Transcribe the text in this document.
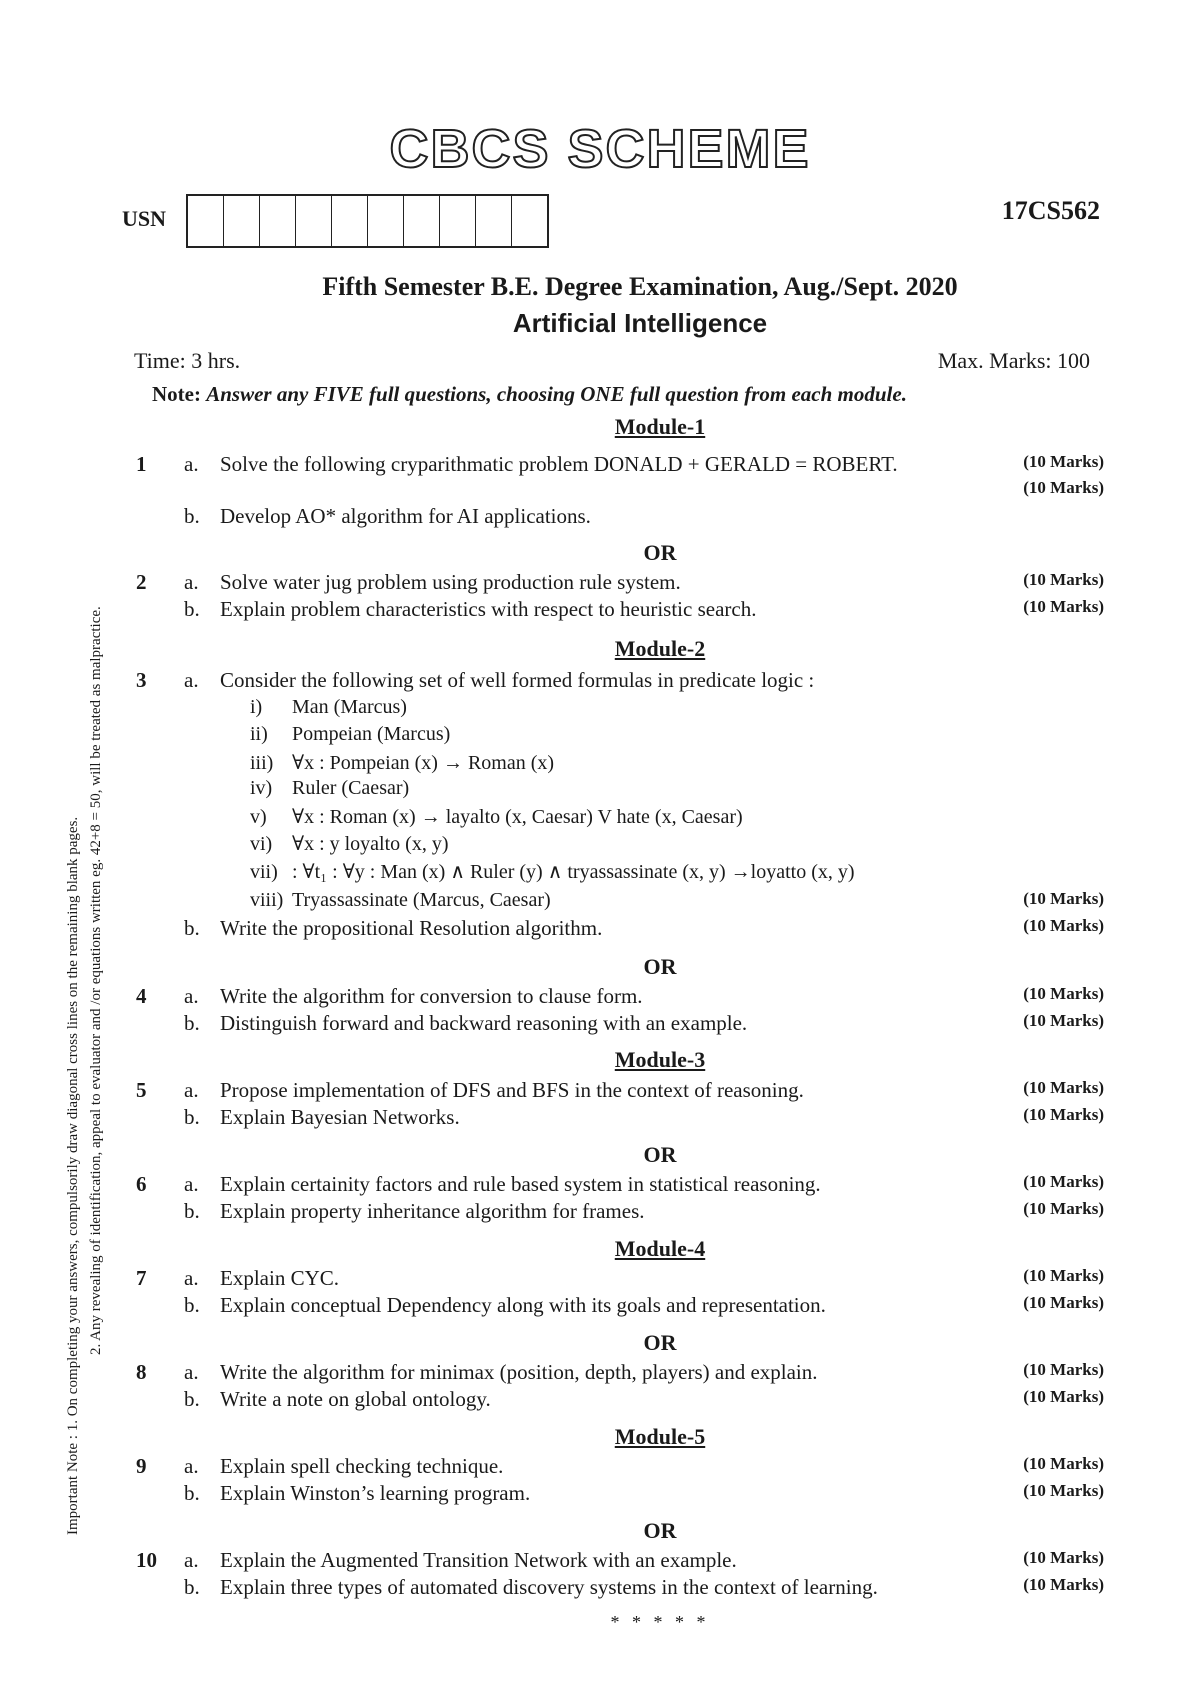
CBCS SCHEME
USN	17CS562
Fifth Semester B.E. Degree Examination, Aug./Sept. 2020
Artificial Intelligence
Time: 3 hrs.	Max. Marks: 100
Note: Answer any FIVE full questions, choosing ONE full question from each module.
Important Note : 1. On completing your answers, compulsorily draw diagonal cross lines on the remaining blank pages. 2. Any revealing of identification, appeal to evaluator and /or equations written eg. 42+8 = 50, will be treated as malpractice.
Module-1
1	a. Solve the following cryparithmatic problem DONALD + GERALD = ROBERT.	(10 Marks)
(10 Marks)
b. Develop AO* algorithm for AI applications.
OR
2	a. Solve water jug problem using production rule system.	(10 Marks)
b. Explain problem characteristics with respect to heuristic search.	(10 Marks)
Module-2
3	a. Consider the following set of well formed formulas in predicate logic :
i) Man (Marcus)
ii) Pompeian (Marcus)
iii) ∀x : Pompeian (x) → Roman (x)
iv) Ruler (Caesar)
v) ∀x : Roman (x) → layalto (x, Caesar) V hate (x, Caesar)
vi) ∀x : y loyalto (x, y)
vii) : ∀t₁ : ∀y : Man (x) ∧ Ruler (y) ∧ tryassassinate (x, y) →loyatto (x, y)
viii) Tryassassinate (Marcus, Caesar)	(10 Marks)
b. Write the propositional Resolution algorithm.	(10 Marks)
OR
4	a. Write the algorithm for conversion to clause form.	(10 Marks)
b. Distinguish forward and backward reasoning with an example.	(10 Marks)
Module-3
5	a. Propose implementation of DFS and BFS in the context of reasoning.	(10 Marks)
b. Explain Bayesian Networks.	(10 Marks)
OR
6	a. Explain certainity factors and rule based system in statistical reasoning.	(10 Marks)
b. Explain property inheritance algorithm for frames.	(10 Marks)
Module-4
7	a. Explain CYC.	(10 Marks)
b. Explain conceptual Dependency along with its goals and representation.	(10 Marks)
OR
8	a. Write the algorithm for minimax (position, depth, players) and explain.	(10 Marks)
b. Write a note on global ontology.	(10 Marks)
Module-5
9	a. Explain spell checking technique.	(10 Marks)
b. Explain Winston’s learning program.	(10 Marks)
OR
10	a. Explain the Augmented Transition Network with an example.	(10 Marks)
b. Explain three types of automated discovery systems in the context of learning.	(10 Marks)
* * * * *
